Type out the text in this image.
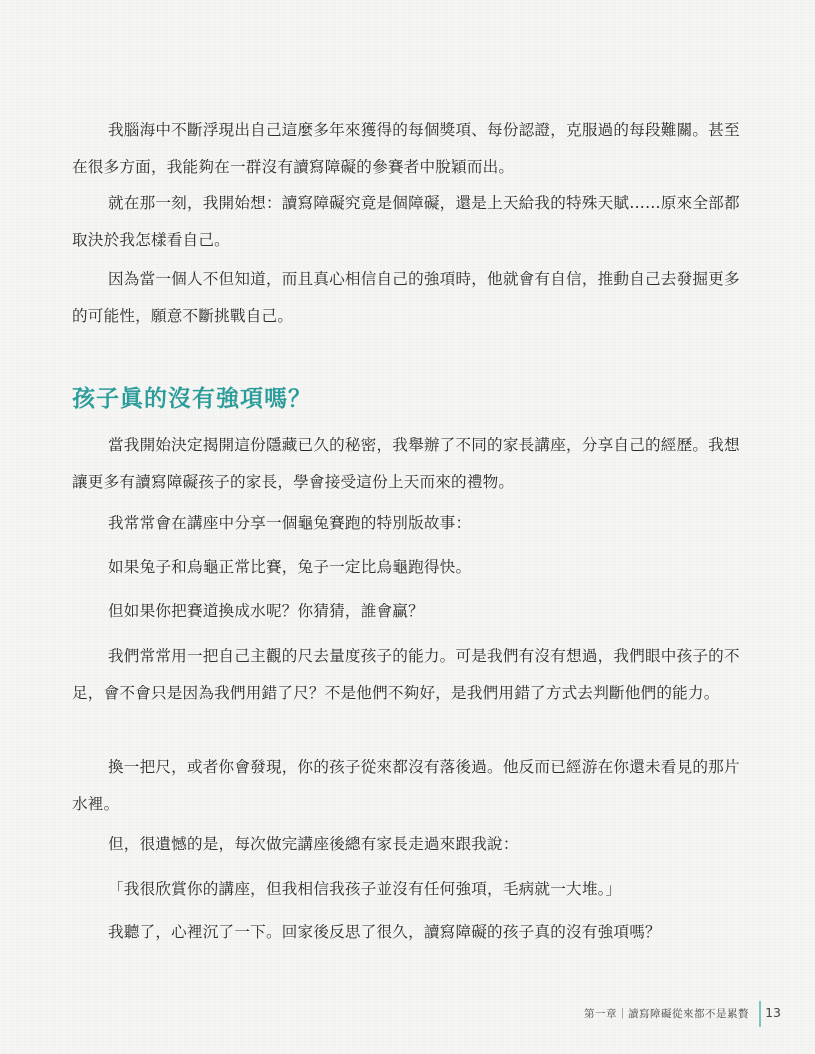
我腦海中不斷浮現出自己這麼多年來獲得的每個獎項、每份認證，克服過的每段難關。甚至在很多方面，我能夠在一群沒有讀寫障礙的參賽者中脫穎而出。

就在那一刻，我開始想：讀寫障礙究竟是個障礙，還是上天給我的特殊天賦……原來全部都取決於我怎樣看自己。

因為當一個人不但知道，而且真心相信自己的強項時，他就會有自信，推動自己去發掘更多的可能性，願意不斷挑戰自己。

孩子眞的沒有強項嗎？

當我開始決定揭開這份隱藏已久的秘密，我舉辦了不同的家長講座，分享自己的經歷。我想讓更多有讀寫障礙孩子的家長，學會接受這份上天而來的禮物。

我常常會在講座中分享一個龜兔賽跑的特別版故事：

如果兔子和烏龜正常比賽，兔子一定比烏龜跑得快。

但如果你把賽道換成水呢？你猜猜，誰會贏？

我們常常用一把自己主觀的尺去量度孩子的能力。可是我們有沒有想過，我們眼中孩子的不足，會不會只是因為我們用錯了尺？不是他們不夠好，是我們用錯了方式去判斷他們的能力。

換一把尺，或者你會發現，你的孩子從來都沒有落後過。他反而已經游在你還未看見的那片水裡。

但，很遺憾的是，每次做完講座後總有家長走過來跟我說：

「我很欣賞你的講座，但我相信我孩子並沒有任何強項，毛病就一大堆。」

我聽了，心裡沉了一下。回家後反思了很久，讀寫障礙的孩子真的沒有強項嗎？

第一章｜讀寫障礙從來都不是累贅 13
